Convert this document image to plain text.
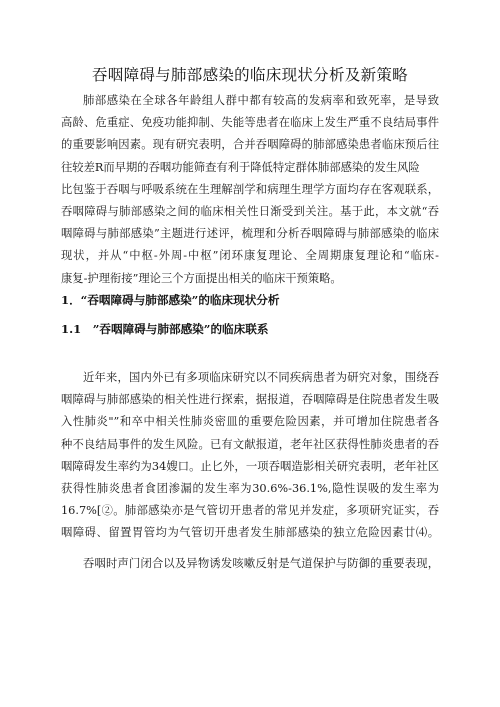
吞咽障碍与肺部感染的临床现状分析及新策略
肺部感染在全球各年龄组人群中都有较高的发病率和致死率，是导致
高龄、危重症、免疫功能抑制、失能等患者在临床上发生严重不良结局事件
的重要影响因素。现有研究表明，合并吞咽障碍的肺部感染患者临床预后往
往较差R而早期的吞咽功能筛查有利于降低特定群体肺部感染的发生风险
比包鉴于吞咽与呼吸系统在生理解剖学和病理生理学方面均存在客观联系，
吞咽障碍与肺部感染之间的临床相关性日渐受到关注。基于此，本文就“吞
咽障碍与肺部感染”主题进行述评，梳理和分析吞咽障碍与肺部感染的临床
现状，并从“中枢-外周-中枢”闭环康复理论、全周期康复理论和“临床-
康复-护理衔接”理论三个方面提出相关的临床干预策略。
1．“吞咽障碍与肺部感染”的临床现状分析
1.1　”吞咽障碍与肺部感染”的临床联系
近年来，国内外已有多项临床研究以不同疾病患者为研究对象，围绕吞
咽障碍与肺部感染的相关性进行探索，据报道，吞咽障碍是住院患者发生吸
入性肺炎"”和卒中相关性肺炎密皿的重要危险因素，并可增加住院患者各
种不良结局事件的发生风险。已有文献报道，老年社区获得性肺炎患者的吞
咽障碍发生率约为34嫂口。止匕外，一项吞咽造影相关研究表明，老年社区
获得性肺炎患者食团渗漏的发生率为30.6%-36.1%,隐性误吸的发生率为
16.7%[②。肺部感染亦是气管切开患者的常见并发症，多项研究证实，吞
咽障碍、留置胃管均为气管切开患者发生肺部感染的独立危险因素廿⑷。
吞咽时声门闭合以及异物诱发咳嗽反射是气道保护与防御的重要表现，
